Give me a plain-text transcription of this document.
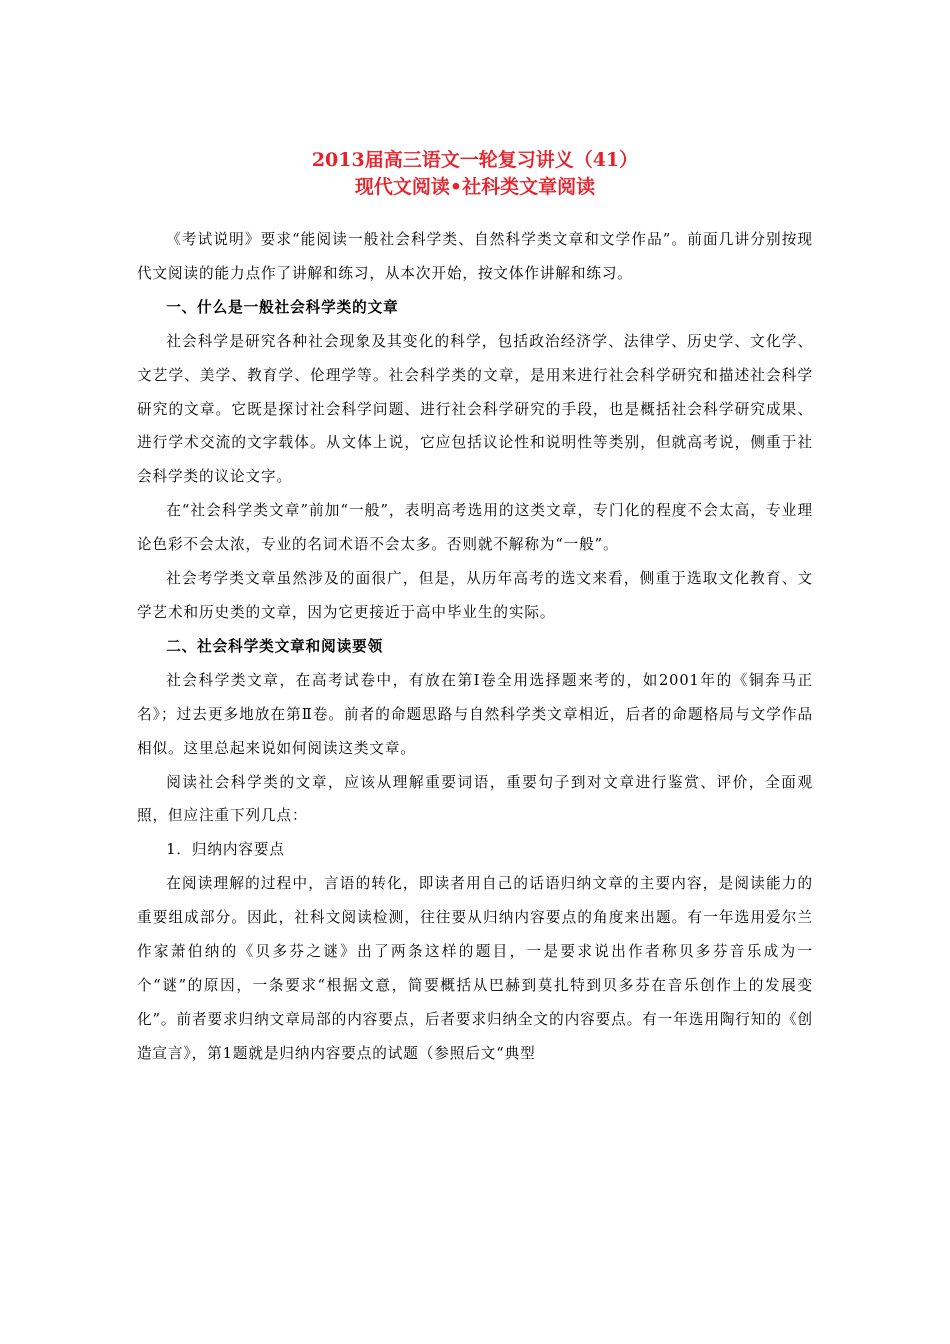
2013届高三语文一轮复习讲义（41）
现代文阅读•社科类文章阅读

《考试说明》要求“能阅读一般社会科学类、自然科学类文章和文学作品”。前面几讲分别按现代文阅读的能力点作了讲解和练习，从本次开始，按文体作讲解和练习。

一、什么是一般社会科学类的文章

社会科学是研究各种社会现象及其变化的科学，包括政治经济学、法律学、历史学、文化学、文艺学、美学、教育学、伦理学等。社会科学类的文章，是用来进行社会科学研究和描述社会科学研究的文章。它既是探讨社会科学问题、进行社会科学研究的手段，也是概括社会科学研究成果、进行学术交流的文字载体。从文体上说，它应包括议论性和说明性等类别，但就高考说，侧重于社会科学类的议论文字。

在“社会科学类文章”前加“一般”，表明高考选用的这类文章，专门化的程度不会太高，专业理论色彩不会太浓，专业的名词术语不会太多。否则就不解称为“一般”。

社会考学类文章虽然涉及的面很广，但是，从历年高考的选文来看，侧重于选取文化教育、文学艺术和历史类的文章，因为它更接近于高中毕业生的实际。

二、社会科学类文章和阅读要领

社会科学类文章，在高考试卷中，有放在第Ⅰ卷全用选择题来考的，如2001年的《铜奔马正名》；过去更多地放在第Ⅱ卷。前者的命题思路与自然科学类文章相近，后者的命题格局与文学作品相似。这里总起来说如何阅读这类文章。

阅读社会科学类的文章，应该从理解重要词语，重要句子到对文章进行鉴赏、评价，全面观照，但应注重下列几点：

1．归纳内容要点

在阅读理解的过程中，言语的转化，即读者用自己的话语归纳文章的主要内容，是阅读能力的重要组成部分。因此，社科文阅读检测，往往要从归纳内容要点的角度来出题。有一年选用爱尔兰作家萧伯纳的《贝多芬之谜》出了两条这样的题目，一是要求说出作者称贝多芬音乐成为一个“谜”的原因，一条要求“根据文意，简要概括从巴赫到莫扎特到贝多芬在音乐创作上的发展变化”。前者要求归纳文章局部的内容要点，后者要求归纳全文的内容要点。有一年选用陶行知的《创造宣言》，第1题就是归纳内容要点的试题（参照后文“典型
